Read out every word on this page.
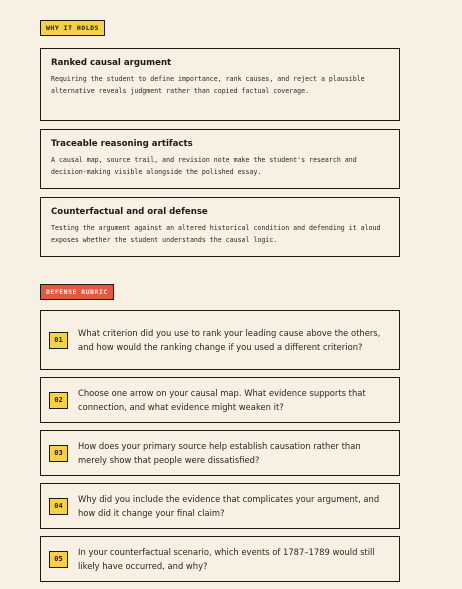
WHY IT HOLDS
Ranked causal argument

Requiring the student to define importance, rank causes, and reject a plausible alternative reveals judgment rather than copied factual coverage.

Traceable reasoning artifacts

A causal map, source trail, and revision note make the student's research and decision-making visible alongside the polished essay.

Counterfactual and oral defense

Testing the argument against an altered historical condition and defending it aloud exposes whether the student understands the causal logic.

DEFENSE RUBRIC
01
What criterion did you use to rank your leading cause above the others, and how would the ranking change if you used a different criterion?
02
Choose one arrow on your causal map. What evidence supports that connection, and what evidence might weaken it?
03
How does your primary source help establish causation rather than merely show that people were dissatisfied?
04
Why did you include the evidence that complicates your argument, and how did it change your final claim?
05
In your counterfactual scenario, which events of 1787–1789 would still likely have occurred, and why?
